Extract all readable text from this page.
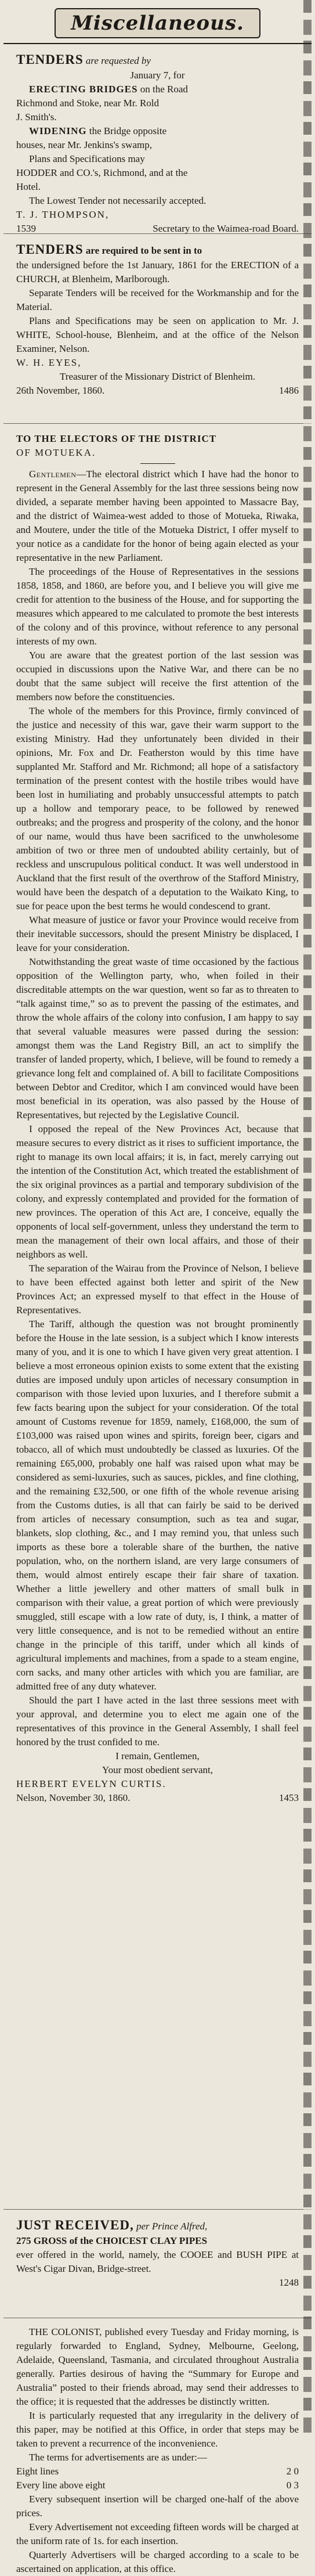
Miscellaneous.

TENDERS are requested by

January 7, for

ERECTING BRIDGES on the Road

Richmond and Stoke, near Mr. Rold

J. Smith's.

WIDENING the Bridge opposite

houses, near Mr. Jenkins's swamp,

Plans and Specifications may

HODDER and CO.'s, Richmond, and at the

Hotel.

The Lowest Tender not necessarily accepted.

T. J. THOMPSON,

1539	Secretary to the Waimea-road Board.

TENDERS are required to be sent in to

the undersigned before the 1st January, 1861 for the ERECTION of a CHURCH, at Blenheim, Marlborough.

Separate Tenders will be received for the Workmanship and for the Material.

Plans and Specifications may be seen on application to Mr. J. WHITE, School-house, Blenheim, and at the office of the Nelson Examiner, Nelson.

W. H. EYES,

Treasurer of the Missionary District of Blenheim.

26th November, 1860.	1486

TO THE ELECTORS OF THE DISTRICT

OF MOTUEKA.

Gentlemen—The electoral district which I have had the honor to represent in the General Assembly for the last three sessions being now divided, a separate member having been appointed to Massacre Bay, and the district of Waimea-west added to those of Motueka, Riwaka, and Moutere, under the title of the Motueka District, I offer myself to your notice as a candidate for the honor of being again elected as your representative in the new Parliament.

The proceedings of the House of Representatives in the sessions 1858, 1858, and 1860, are before you, and I believe you will give me credit for attention to the business of the House, and for supporting the measures which appeared to me calculated to promote the best interests of the colony and of this province, without reference to any personal interests of my own.

You are aware that the greatest portion of the last session was occupied in discussions upon the Native War, and there can be no doubt that the same subject will receive the first attention of the members now before the constituencies.

The whole of the members for this Province, firmly convinced of the justice and necessity of this war, gave their warm support to the existing Ministry. Had they unfortunately been divided in their opinions, Mr. Fox and Dr. Featherston would by this time have supplanted Mr. Stafford and Mr. Richmond; all hope of a satisfactory termination of the present contest with the hostile tribes would have been lost in humiliating and probably unsuccessful attempts to patch up a hollow and temporary peace, to be followed by renewed outbreaks; and the progress and prosperity of the colony, and the honor of our name, would thus have been sacrificed to the unwholesome ambition of two or three men of undoubted ability certainly, but of reckless and unscrupulous political conduct. It was well understood in Auckland that the first result of the overthrow of the Stafford Ministry, would have been the despatch of a deputation to the Waikato King, to sue for peace upon the best terms he would condescend to grant.

What measure of justice or favor your Province would receive from their inevitable successors, should the present Ministry be displaced, I leave for your consideration.

Notwithstanding the great waste of time occasioned by the factious opposition of the Wellington party, who, when foiled in their discreditable attempts on the war question, went so far as to threaten to “talk against time,” so as to prevent the passing of the estimates, and throw the whole affairs of the colony into confusion, I am happy to say that several valuable measures were passed during the session: amongst them was the Land Registry Bill, an act to simplify the transfer of landed property, which, I believe, will be found to remedy a grievance long felt and complained of. A bill to facilitate Compositions between Debtor and Creditor, which I am convinced would have been most beneficial in its operation, was also passed by the House of Representatives, but rejected by the Legislative Council.

I opposed the repeal of the New Provinces Act, because that measure secures to every district as it rises to sufficient importance, the right to manage its own local affairs; it is, in fact, merely carrying out the intention of the Constitution Act, which treated the establishment of the six original provinces as a partial and temporary subdivision of the colony, and expressly contemplated and provided for the formation of new provinces. The operation of this Act are, I conceive, equally the opponents of local self-government, unless they understand the term to mean the management of their own local affairs, and those of their neighbors as well.

The separation of the Wairau from the Province of Nelson, I believe to have been effected against both letter and spirit of the New Provinces Act; an expressed myself to that effect in the House of Representatives.

The Tariff, although the question was not brought prominently before the House in the late session, is a subject which I know interests many of you, and it is one to which I have given very great attention. I believe a most erroneous opinion exists to some extent that the existing duties are imposed unduly upon articles of necessary consumption in comparison with those levied upon luxuries, and I therefore submit a few facts bearing upon the subject for your consideration. Of the total amount of Customs revenue for 1859, namely, £168,000, the sum of £103,000 was raised upon wines and spirits, foreign beer, cigars and tobacco, all of which must undoubtedly be classed as luxuries. Of the remaining £65,000, probably one half was raised upon what may be considered as semi-luxuries, such as sauces, pickles, and fine clothing, and the remaining £32,500, or one fifth of the whole revenue arising from the Customs duties, is all that can fairly be said to be derived from articles of necessary consumption, such as tea and sugar, blankets, slop clothing, &c., and I may remind you, that unless such imports as these bore a tolerable share of the burthen, the native population, who, on the northern island, are very large consumers of them, would almost entirely escape their fair share of taxation. Whether a little jewellery and other matters of small bulk in comparison with their value, a great portion of which were previously smuggled, still escape with a low rate of duty, is, I think, a matter of very little consequence, and is not to be remedied without an entire change in the principle of this tariff, under which all kinds of agricultural implements and machines, from a spade to a steam engine, corn sacks, and many other articles with which you are familiar, are admitted free of any duty whatever.

Should the part I have acted in the last three sessions meet with your approval, and determine you to elect me again one of the representatives of this province in the General Assembly, I shall feel honored by the trust confided to me.

I remain, Gentlemen,

Your most obedient servant,

HERBERT EVELYN CURTIS.

Nelson, November 30, 1860.	1453

JUST RECEIVED, per Prince Alfred,

275 GROSS of the CHOICEST CLAY PIPES

ever offered in the world, namely, the COOEE and BUSH PIPE at West's Cigar Divan, Bridge-street.

1248

THE COLONIST, published every Tuesday and Friday morning, is regularly forwarded to England, Sydney, Melbourne, Geelong, Adelaide, Queensland, Tasmania, and circulated throughout Australia generally. Parties desirous of having the “Summary for Europe and Australia” posted to their friends abroad, may send their addresses to the office; it is requested that the addresses be distinctly written.

It is particularly requested that any irregularity in the delivery of this paper, may be notified at this Office, in order that steps may be taken to prevent a recurrence of the inconvenience.

The terms for advertisements are as under:—

Eight lines	2 0
Every line above eight	0 3

Every subsequent insertion will be charged one-half of the above prices.

Every Advertisement not exceeding fifteen words will be charged at the uniform rate of 1s. for each insertion.

Quarterly Advertisers will be charged according to a scale to be ascertained on application, at this office.
